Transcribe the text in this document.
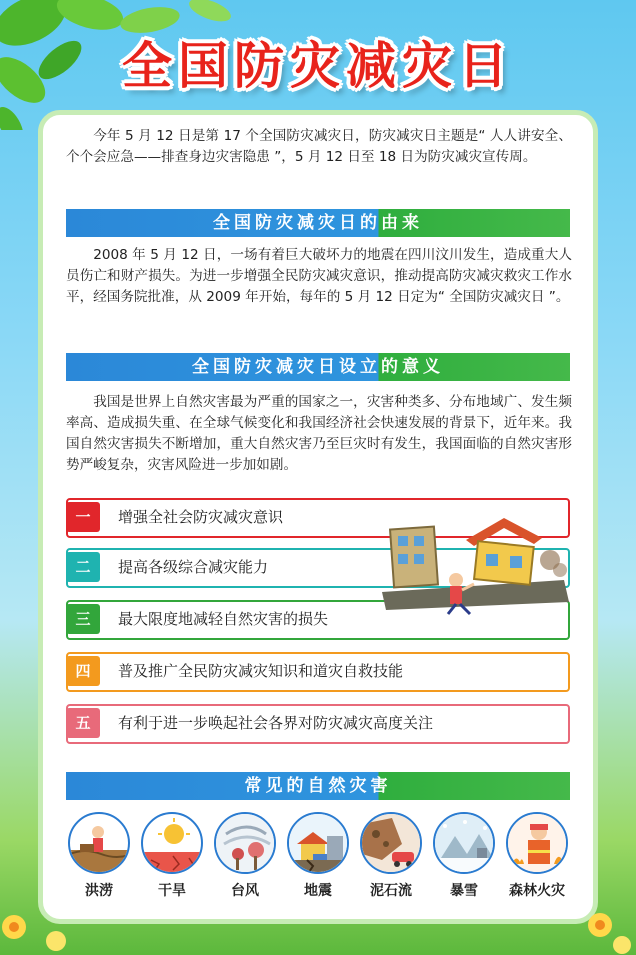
全国防灾减灾日
今年 5 月 12 日是第 17 个全国防灾减灾日，防灾减灾日主题是“ 人人讲安全、个个会应急——排查身边灾害隐患 ”，5 月 12 日至 18 日为防灾减灾宣传周。
全国防灾减灾日的由来
2008 年 5 月 12 日，一场有着巨大破坏力的地震在四川汶川发生，造成重大人员伤亡和财产损失。为进一步增强全民防灾减灾意识，推动提高防灾减灾救灾工作水平，经国务院批准，从 2009 年开始，每年的 5 月 12 日定为“ 全国防灾减灾日 ”。
全国防灾减灾日设立的意义
我国是世界上自然灾害最为严重的国家之一，灾害种类多、分布地域广、发生频率高、造成损失重、在全球气候变化和我国经济社会快速发展的背景下，近年来。我国自然灾害损失不断增加，重大自然灾害乃至巨灾时有发生，我国面临的自然灾害形势严峻复杂，灾害风险进一步加如剧。
一	增强全社会防灾减灾意识
二	提高各级综合减灾能力
三	最大限度地减轻自然灾害的损失
四	普及推广全民防灾减灾知识和道灾自救技能
五	有利于进一步唤起社会各界对防灾减灾高度关注
常见的自然灾害
洪涝	干旱	台风	地震	泥石流	暴雪	森林火灾
